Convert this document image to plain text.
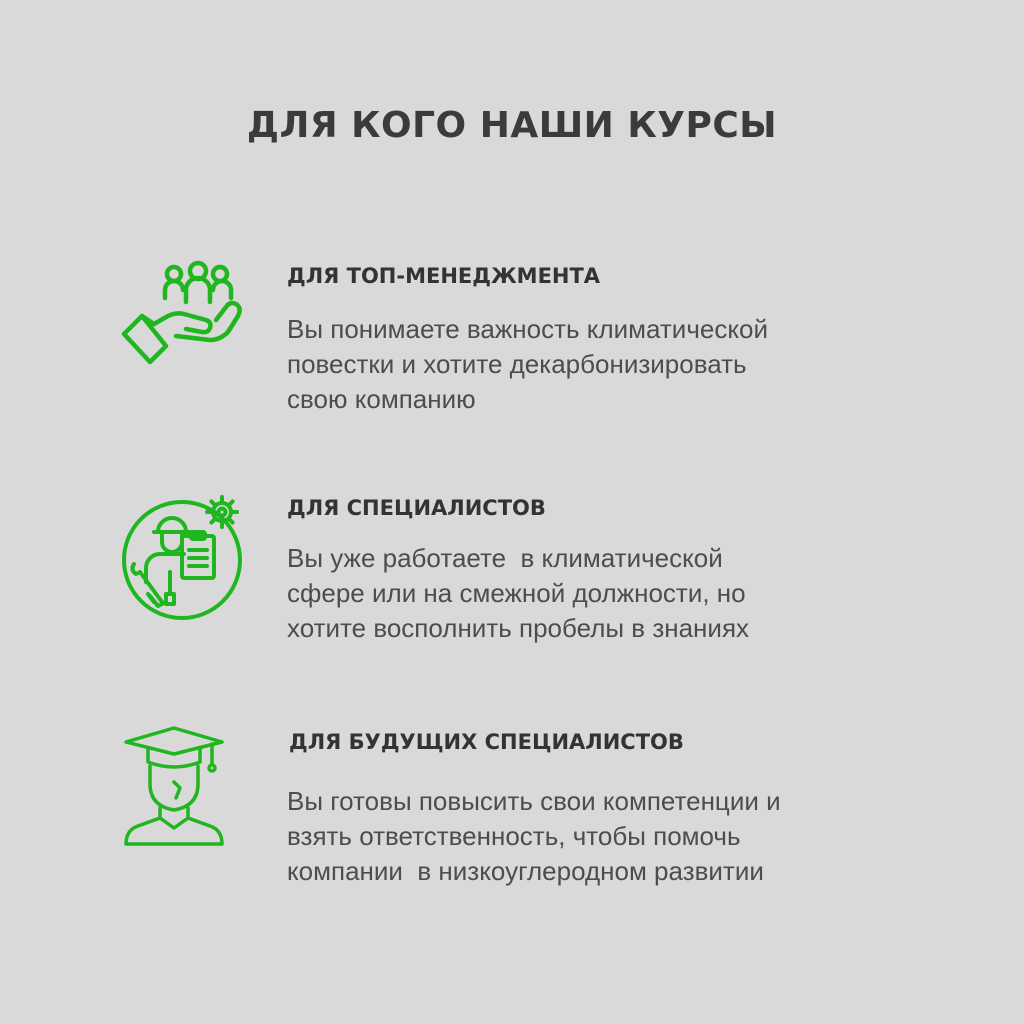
ДЛЯ КОГО НАШИ КУРСЫ

ДЛЯ ТОП-МЕНЕДЖМЕНТА

Вы понимаете важность климатической
повестки и хотите декарбонизировать
свою компанию

ДЛЯ СПЕЦИАЛИСТОВ

Вы уже работаете  в климатической
сфере или на смежной должности, но
хотите восполнить пробелы в знаниях

ДЛЯ БУДУЩИХ СПЕЦИАЛИСТОВ

Вы готовы повысить свои компетенции и
взять ответственность, чтобы помочь
компании  в низкоуглеродном развитии
